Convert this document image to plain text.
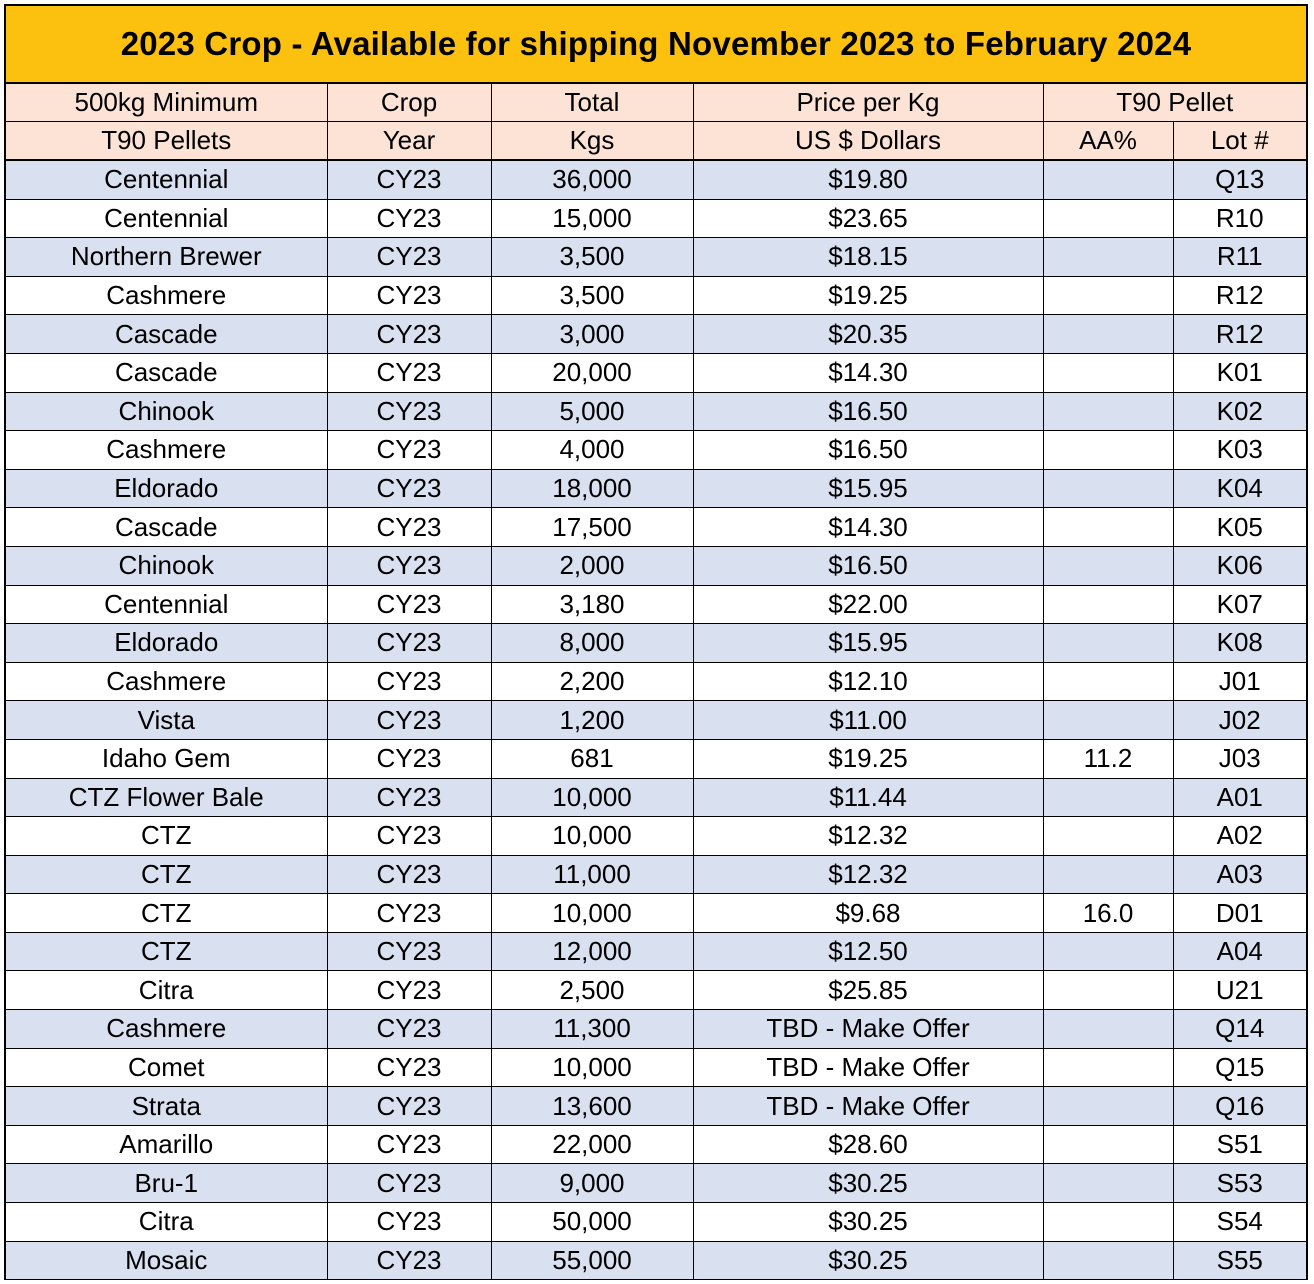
2023 Crop - Available for shipping November 2023 to February 2024
500kg Minimum	Crop	Total	Price per Kg	T90 Pellet	
T90 Pellets	Year	Kgs	US $ Dollars	AA%	Lot #
Centennial	CY23	36,000	$19.80		Q13
Centennial	CY23	15,000	$23.65		R10
Northern Brewer	CY23	3,500	$18.15		R11
Cashmere	CY23	3,500	$19.25		R12
Cascade	CY23	3,000	$20.35		R12
Cascade	CY23	20,000	$14.30		K01
Chinook	CY23	5,000	$16.50		K02
Cashmere	CY23	4,000	$16.50		K03
Eldorado	CY23	18,000	$15.95		K04
Cascade	CY23	17,500	$14.30		K05
Chinook	CY23	2,000	$16.50		K06
Centennial	CY23	3,180	$22.00		K07
Eldorado	CY23	8,000	$15.95		K08
Cashmere	CY23	2,200	$12.10		J01
Vista	CY23	1,200	$11.00		J02
Idaho Gem	CY23	681	$19.25	11.2	J03
CTZ Flower Bale	CY23	10,000	$11.44		A01
CTZ	CY23	10,000	$12.32		A02
CTZ	CY23	11,000	$12.32		A03
CTZ	CY23	10,000	$9.68	16.0	D01
CTZ	CY23	12,000	$12.50		A04
Citra	CY23	2,500	$25.85		U21
Cashmere	CY23	11,300	TBD - Make Offer		Q14
Comet	CY23	10,000	TBD - Make Offer		Q15
Strata	CY23	13,600	TBD - Make Offer		Q16
Amarillo	CY23	22,000	$28.60		S51
Bru-1	CY23	9,000	$30.25		S53
Citra	CY23	50,000	$30.25		S54
Mosaic	CY23	55,000	$30.25		S55
